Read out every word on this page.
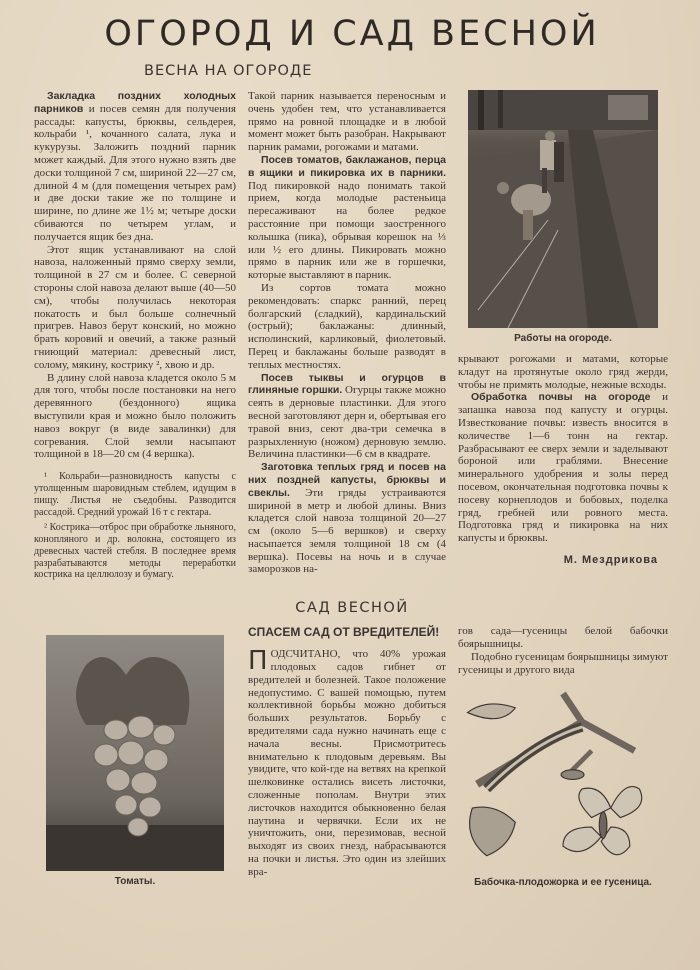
ОГОРОД И САД ВЕСНОЙ
ВЕСНА НА ОГОРОДЕ

Закладка поздних холодных парников и посев семян для получения рассады: капусты, брюквы, сельдерея, кольраби ¹, кочанного салата, лука и кукурузы. Заложить поздний парник может каждый. Для этого нужно взять две доски толщиной 7 см, шириной 22—27 см, длиной 4 м (для помещения четырех рам) и две доски такие же по толщине и ширине, по длине же 1½ м; четыре доски сбиваются по четырем углам, и получается ящик без дна.

Этот ящик устанавливают на слой навоза, наложенный прямо сверху земли, толщиной в 27 см и более. С северной стороны слой навоза делают выше (40—50 см), чтобы получилась некоторая покатость и был больше солнечный пригрев. Навоз берут конский, но можно брать коровий и овечий, а также разный гниющий материал: древесный лист, солому, мякину, кострику ², хвою и др.

В длину слой навоза кладется около 5 м для того, чтобы после постановки на него деревянного (бездонного) ящика выступили края и можно было положить навоз вокруг (в виде завалинки) для согревания. Слой земли насыпают толщиной в 18—20 см (4 вершка).

¹ Кольраби—разновидность капусты с утолщенным шаровидным стеблем, идущим в пищу. Листья не съедобны. Разводится рассадой. Средний урожай 16 т с гектара.

² Кострика—отброс при обработке льняного, конопляного и др. волокна, состоящего из древесных частей стебля. В последнее время разрабатываются методы переработки кострика на целлюлозу и бумагу.

Такой парник называется переносным и очень удобен тем, что устанавливается прямо на ровной площадке и в любой момент может быть разобран. Накрывают парник рамами, рогожами и матами.

Посев томатов, баклажанов, перца в ящики и пикировка их в парники. Под пикировкой надо понимать такой прием, когда молодые растеньица пересаживают на более редкое расстояние при помощи заостренного колышка (пика), обрывая корешок на ⅓ или ½ его длины. Пикировать можно прямо в парник или же в горшечки, которые выставляют в парник.

Из сортов томата можно рекомендовать: спаркс ранний, перец болгарский (сладкий), кардинальский (острый); баклажаны: длинный, исполинский, карликовый, фиолетовый. Перец и баклажаны больше разводят в теплых местностях.

Посев тыквы и огурцов в глиняные горшки. Огурцы также можно сеять в дерновые пластинки. Для этого весной заготовляют дерн и, обертывая его травой вниз, сеют два-три семечка в разрыхленную (ножом) дерновую землю. Величина пластинки—6 см в квадрате.

Заготовка теплых гряд и посев на них поздней капусты, брюквы и свеклы. Эти гряды устраиваются шириной в метр и любой длины. Вниз кладется слой навоза толщиной 20—27 см (около 5—6 вершков) и сверху насыпается земля толщиной 18 см (4 вершка). Посевы на ночь и в случае заморозков на-

Работы на огороде.

крывают рогожами и матами, которые кладут на протянутые около гряд жерди, чтобы не примять молодые, нежные всходы.

Обработка почвы на огороде и запашка навоза под капусту и огурцы. Известкование почвы: известь вносится в количестве 1—6 тонн на гектар. Разбрасывают ее сверх земли и заделывают бороной или граблями. Внесение минерального удобрения и золы перед посевом, окончательная подготовка почвы к посеву корнеплодов и бобовых, поделка гряд, гребней или ровного места. Подготовка гряд и пикировка на них капусты и брюквы.

М. Мездрикова
САД ВЕСНОЙ
Томаты.
СПАСЕМ САД ОТ ВРЕДИТЕЛЕЙ!

ПОДСЧИТАНО, что 40% урожая плодовых садов гибнет от вредителей и болезней. Такое положение недопустимо. С вашей помощью, путем коллективной борьбы можно добиться больших результатов. Борьбу с вредителями сада нужно начинать еще с начала весны. Присмотритесь внимательно к плодовым деревьям. Вы увидите, что кой-где на ветвях на крепкой шелковинке остались висеть листочки, сложенные пополам. Внутри этих листочков находится обыкновенно белая паутина и червячки. Если их не уничтожить, они, перезимовав, весной выходят из своих гнезд, набрасываются на почки и листья. Это один из злейших вра-

гов сада—гусеницы белой бабочки боярышницы.

Подобно гусеницам боярышницы зимуют гусеницы и другого вида

Бабочка-плодожорка и ее гусеница.
